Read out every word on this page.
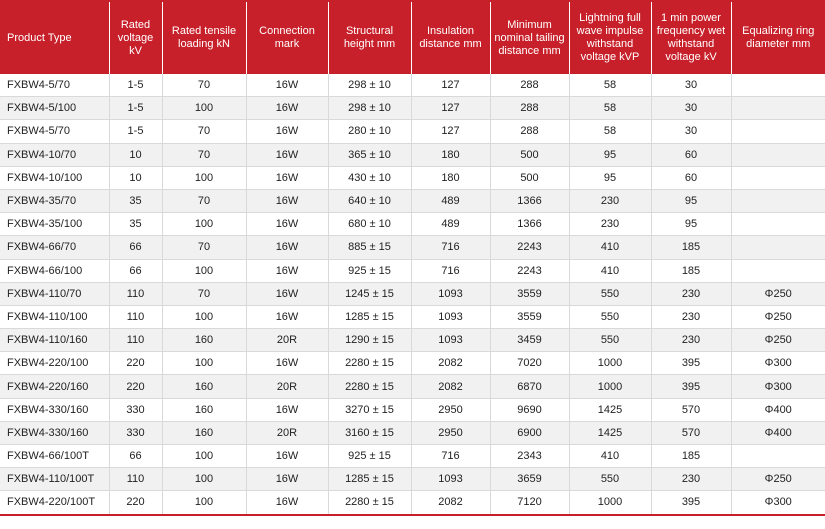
Product Type	Rated voltage kV	Rated tensile loading kN	Connection mark	Structural height mm	Insulation distance mm	Minimum nominal tailing distance mm	Lightning full wave impulse withstand voltage kVP	1 min power frequency wet withstand voltage kV	Equalizing ring diameter mm
FXBW4-5/70	1-5	70	16W	298 ± 10	127	288	58	30	
FXBW4-5/100	1-5	100	16W	298 ± 10	127	288	58	30	
FXBW4-5/70	1-5	70	16W	280 ± 10	127	288	58	30	
FXBW4-10/70	10	70	16W	365 ± 10	180	500	95	60	
FXBW4-10/100	10	100	16W	430 ± 10	180	500	95	60	
FXBW4-35/70	35	70	16W	640 ± 10	489	1366	230	95	
FXBW4-35/100	35	100	16W	680 ± 10	489	1366	230	95	
FXBW4-66/70	66	70	16W	885 ± 15	716	2243	410	185	
FXBW4-66/100	66	100	16W	925 ± 15	716	2243	410	185	
FXBW4-110/70	110	70	16W	1245 ± 15	1093	3559	550	230	Φ250
FXBW4-110/100	110	100	16W	1285 ± 15	1093	3559	550	230	Φ250
FXBW4-110/160	110	160	20R	1290 ± 15	1093	3459	550	230	Φ250
FXBW4-220/100	220	100	16W	2280 ± 15	2082	7020	1000	395	Φ300
FXBW4-220/160	220	160	20R	2280 ± 15	2082	6870	1000	395	Φ300
FXBW4-330/160	330	160	16W	3270 ± 15	2950	9690	1425	570	Φ400
FXBW4-330/160	330	160	20R	3160 ± 15	2950	6900	1425	570	Φ400
FXBW4-66/100T	66	100	16W	925 ± 15	716	2343	410	185	
FXBW4-110/100T	110	100	16W	1285 ± 15	1093	3659	550	230	Φ250
FXBW4-220/100T	220	100	16W	2280 ± 15	2082	7120	1000	395	Φ300
